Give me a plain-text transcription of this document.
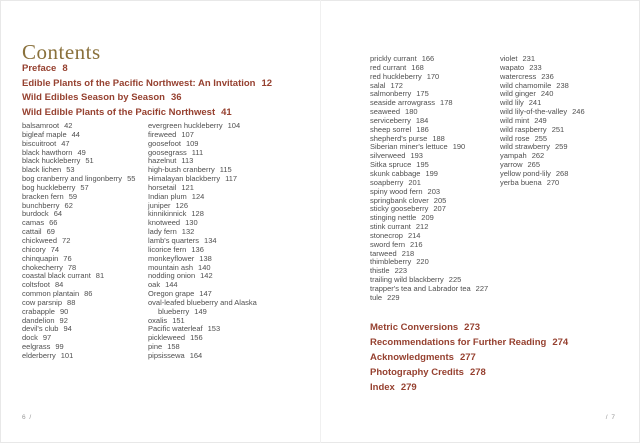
Contents
Preface 8
Edible Plants of the Pacific Northwest: An Invitation 12
Wild Edibles Season by Season 36
Wild Edible Plants of the Pacific Northwest 41
balsamroot 42
bigleaf maple 44
biscuitroot 47
black hawthorn 49
black huckleberry 51
black lichen 53
bog cranberry and lingonberry 55
bog huckleberry 57
bracken fern 59
bunchberry 62
burdock 64
camas 66
cattail 69
chickweed 72
chicory 74
chinquapin 76
chokecherry 78
coastal black currant 81
coltsfoot 84
common plantain 86
cow parsnip 88
crabapple 90
dandelion 92
devil's club 94
dock 97
eelgrass 99
elderberry 101
evergreen huckleberry 104
fireweed 107
goosefoot 109
goosegrass 111
hazelnut 113
high-bush cranberry 115
Himalayan blackberry 117
horsetail 121
Indian plum 124
juniper 126
kinnikinnick 128
knotweed 130
lady fern 132
lamb's quarters 134
licorice fern 136
monkeyflower 138
mountain ash 140
nodding onion 142
oak 144
Oregon grape 147
oval-leafed blueberry and Alaska
blueberry 149
oxalis 151
Pacific waterleaf 153
pickleweed 156
pine 158
pipsissewa 164
prickly currant 166
red currant 168
red huckleberry 170
salal 172
salmonberry 175
seaside arrowgrass 178
seaweed 180
serviceberry 184
sheep sorrel 186
shepherd's purse 188
Siberian miner's lettuce 190
silverweed 193
Sitka spruce 195
skunk cabbage 199
soapberry 201
spiny wood fern 203
springbank clover 205
sticky gooseberry 207
stinging nettle 209
stink currant 212
stonecrop 214
sword fern 216
tarweed 218
thimbleberry 220
thistle 223
trailing wild blackberry 225
trapper's tea and Labrador tea 227
tule 229
violet 231
wapato 233
watercress 236
wild chamomile 238
wild ginger 240
wild lily 241
wild lily-of-the-valley 246
wild mint 249
wild raspberry 251
wild rose 255
wild strawberry 259
yampah 262
yarrow 265
yellow pond-lily 268
yerba buena 270
Metric Conversions 273
Recommendations for Further Reading 274
Acknowledgments 277
Photography Credits 278
Index 279
6 /	/ 7
